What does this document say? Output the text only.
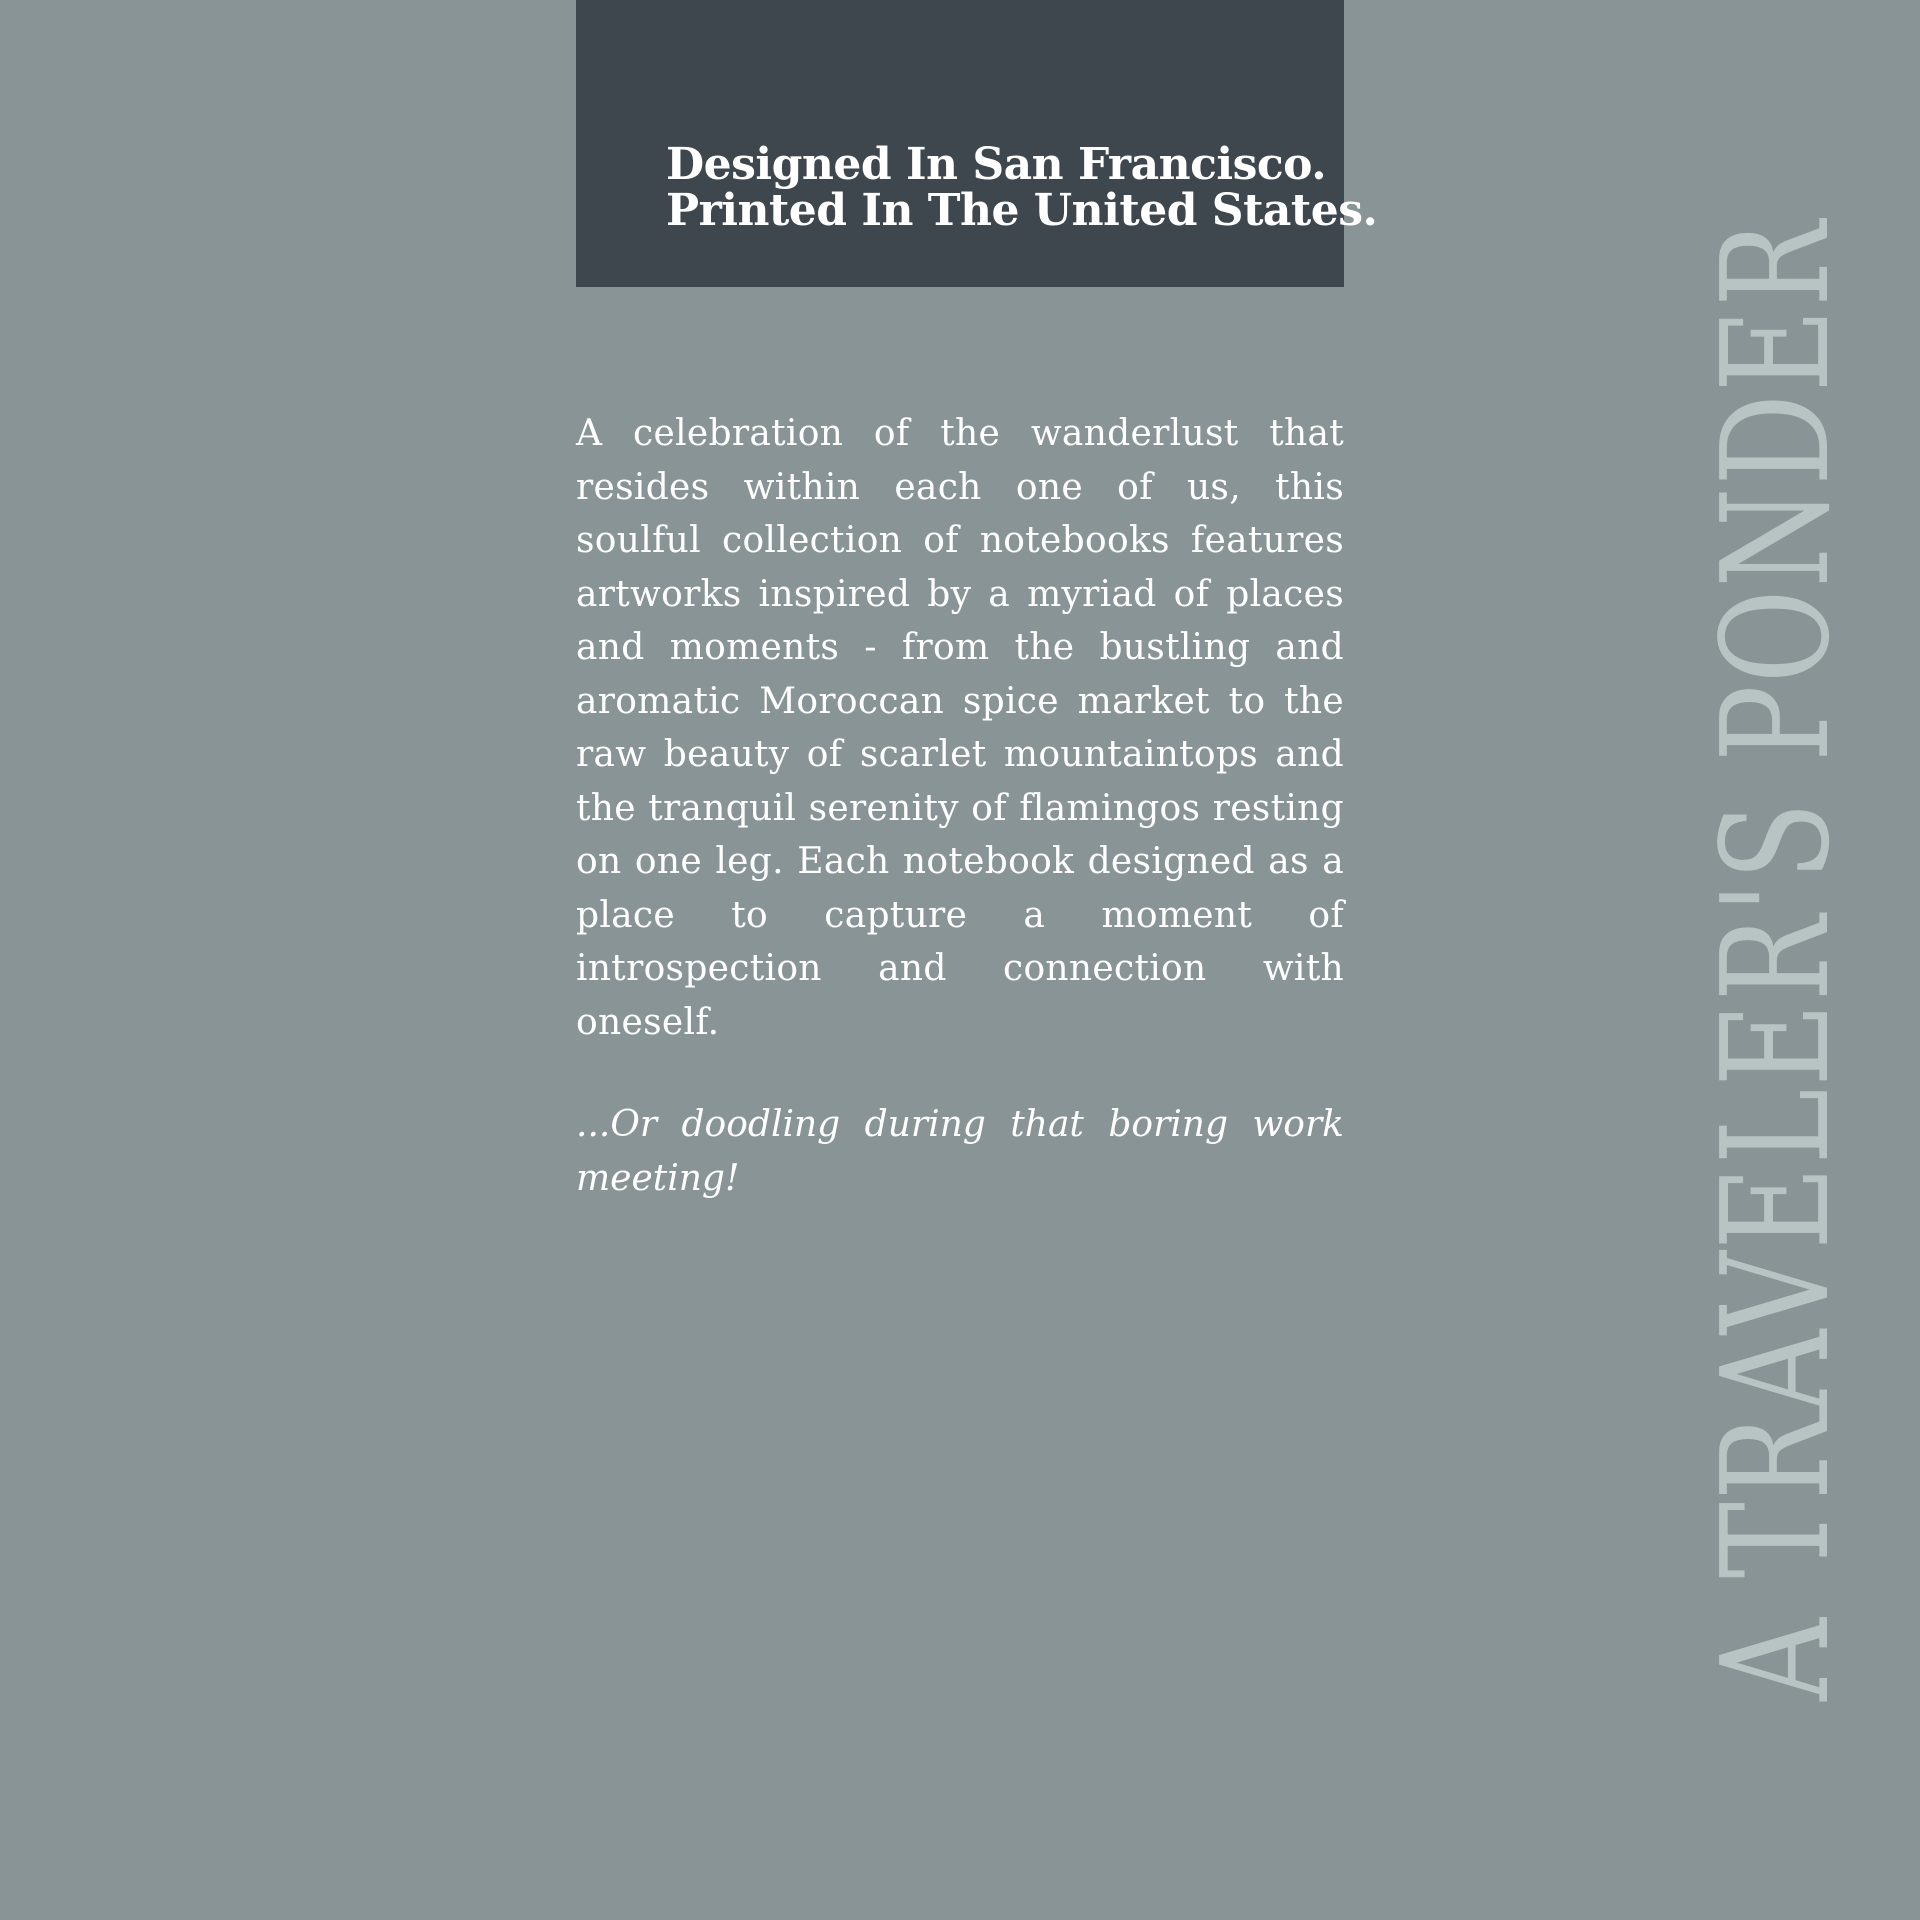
Designed In San Francisco.
Printed In The United States.

A celebration of the wanderlust that resides within each one of us, this soulful collection of notebooks features artworks inspired by a myriad of places and moments - from the bustling and aromatic Moroccan spice market to the raw beauty of scarlet mountaintops and the tranquil serenity of flamingos resting on one leg. Each notebook designed as a place to capture a moment of introspection and connection with oneself.

...Or doodling during that boring work meeting!	A TRAVELER'S PONDER
